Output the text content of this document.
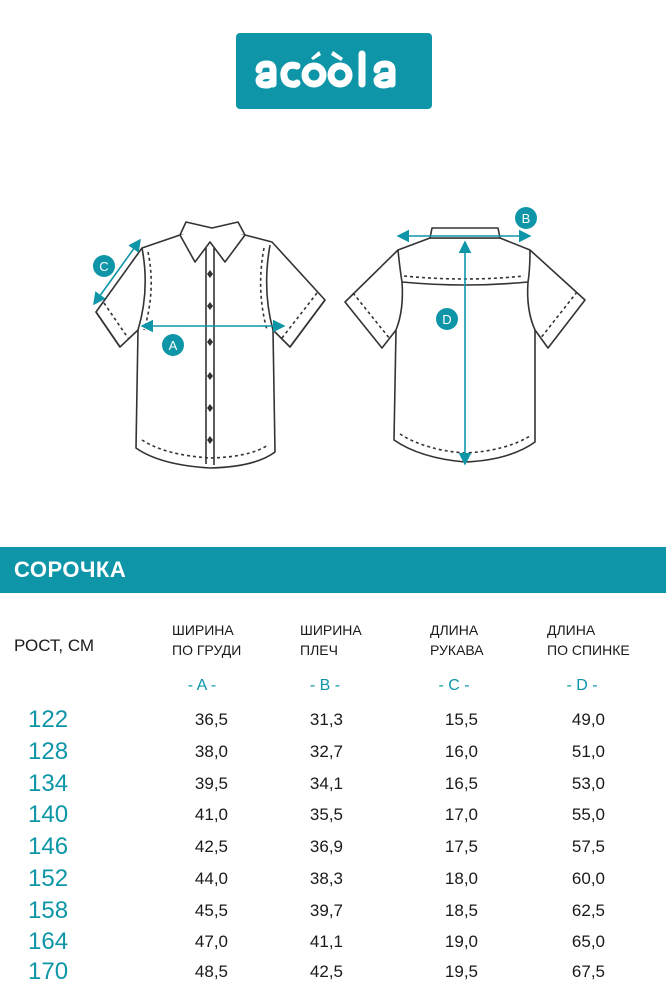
A
C
B
D
СОРОЧКА
РОСТ, СМ
ШИРИНА
ПО ГРУДИ
ШИРИНА
ПЛЕЧ
ДЛИНА
РУКАВА
ДЛИНА
ПО СПИНКЕ
- A -	- B -	- C -	- D -
122	36,5	31,3	15,5	49,0
128	38,0	32,7	16,0	51,0
134	39,5	34,1	16,5	53,0
140	41,0	35,5	17,0	55,0
146	42,5	36,9	17,5	57,5
152	44,0	38,3	18,0	60,0
158	45,5	39,7	18,5	62,5
164	47,0	41,1	19,0	65,0
170	48,5	42,5	19,5	67,5
